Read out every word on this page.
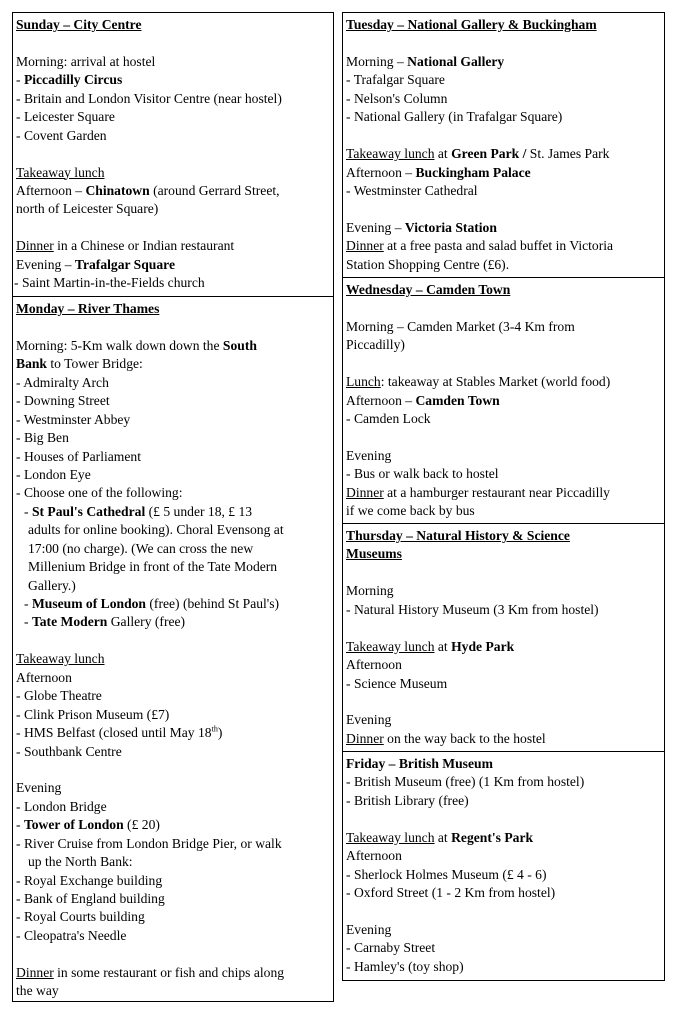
Sunday – City Centre
Morning: arrival at hostel
- Piccadilly Circus
- Britain and London Visitor Centre (near hostel)
- Leicester Square
- Covent Garden
Takeaway lunch
Afternoon – Chinatown (around Gerrard Street,
north of Leicester Square)
Dinner in a Chinese or Indian restaurant
Evening – Trafalgar Square
- Saint Martin-in-the-Fields church
Monday – River Thames
Morning: 5-Km walk down down the South
Bank to Tower Bridge:
- Admiralty Arch
- Downing Street
- Westminster Abbey
- Big Ben
- Houses of Parliament
- London Eye
- Choose one of the following:
- St Paul's Cathedral (£ 5 under 18, £ 13
adults for online booking). Choral Evensong at
17:00 (no charge). (We can cross the new
Millenium Bridge in front of the Tate Modern
Gallery.)
- Museum of London (free) (behind St Paul's)
- Tate Modern Gallery (free)
Takeaway lunch
Afternoon
- Globe Theatre
- Clink Prison Museum (£7)
- HMS Belfast (closed until May 18th)
- Southbank Centre
Evening
- London Bridge
- Tower of London (£ 20)
- River Cruise from London Bridge Pier, or walk
up the North Bank:
- Royal Exchange building
- Bank of England building
- Royal Courts building
- Cleopatra's Needle
Dinner in some restaurant or fish and chips along
the way
Tuesday – National Gallery & Buckingham
Morning – National Gallery
- Trafalgar Square
- Nelson's Column
- National Gallery (in Trafalgar Square)
Takeaway lunch at Green Park / St. James Park
Afternoon – Buckingham Palace
- Westminster Cathedral
Evening – Victoria Station
Dinner at a free pasta and salad buffet in Victoria
Station Shopping Centre (£6).
Wednesday – Camden Town
Morning – Camden Market (3-4 Km from
Piccadilly)
Lunch: takeaway at Stables Market (world food)
Afternoon – Camden Town
- Camden Lock
Evening
- Bus or walk back to hostel
Dinner at a hamburger restaurant near Piccadilly
if we come back by bus
Thursday – Natural History & Science
Museums
Morning
- Natural History Museum (3 Km from hostel)
Takeaway lunch at Hyde Park
Afternoon
- Science Museum
Evening
Dinner on the way back to the hostel
Friday – British Museum
- British Museum (free) (1 Km from hostel)
- British Library (free)
Takeaway lunch at Regent's Park
Afternoon
- Sherlock Holmes Museum (£ 4 - 6)
- Oxford Street (1 - 2 Km from hostel)
Evening
- Carnaby Street
- Hamley's (toy shop)
